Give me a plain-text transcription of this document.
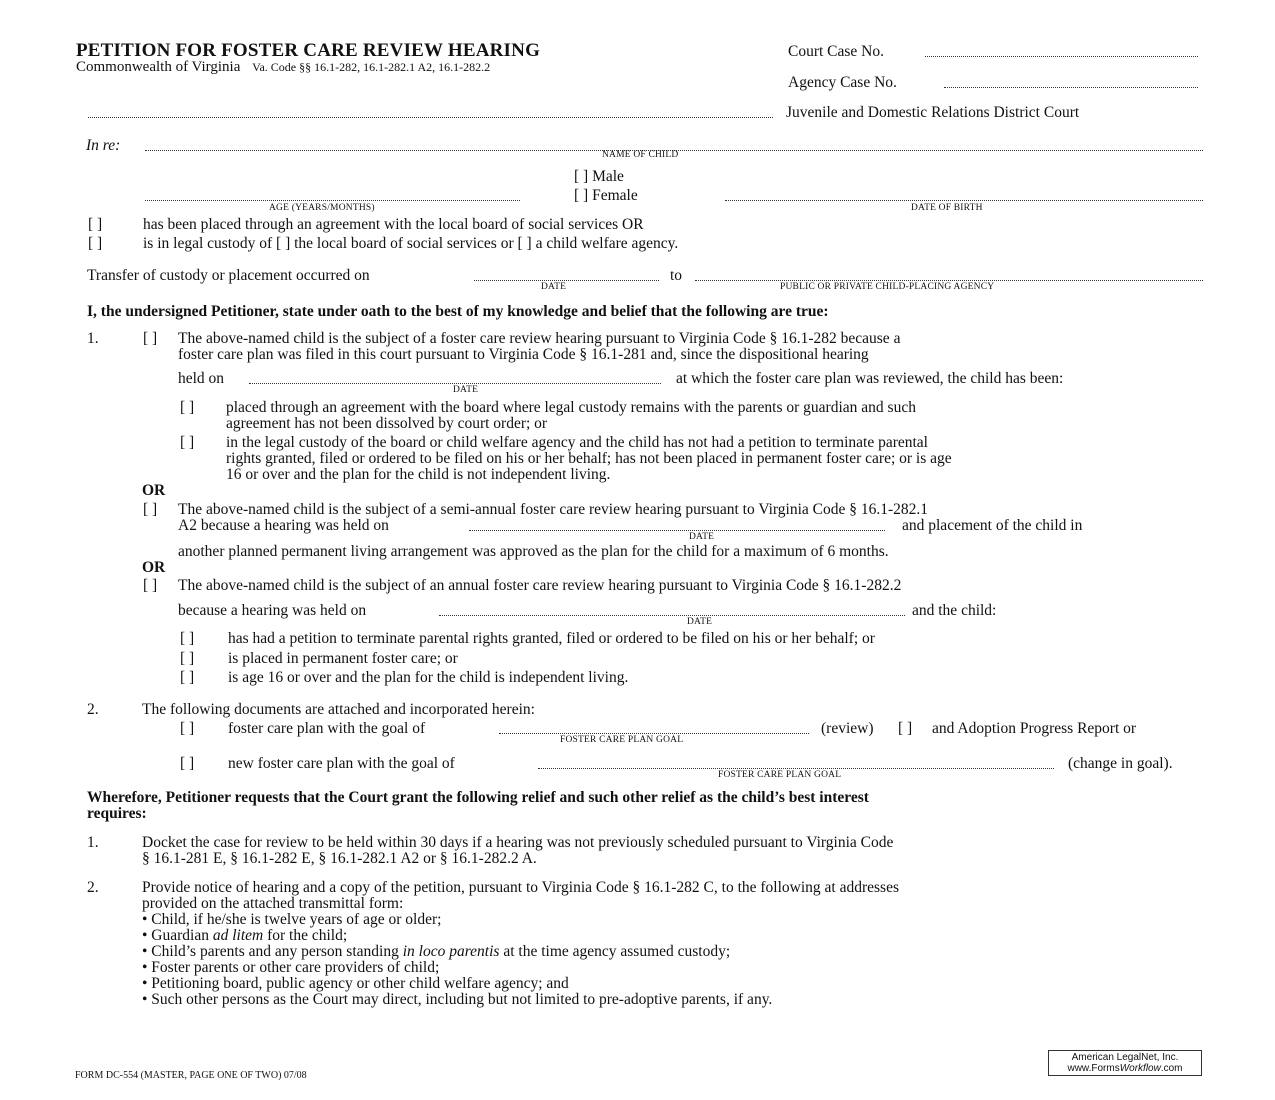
PETITION FOR FOSTER CARE REVIEW HEARING
Commonwealth of Virginia Va. Code §§ 16.1-282, 16.1-282.1 A2, 16.1-282.2
Court Case No.
Agency Case No.
Juvenile and Domestic Relations District Court
In re:
NAME OF CHILD
[ ] Male
[ ] Female
AGE (YEARS/MONTHS)	DATE OF BIRTH
[ ]	has been placed through an agreement with the local board of social services OR
[ ]	is in legal custody of [ ] the local board of social services or [ ] a child welfare agency.
Transfer of custody or placement occurred on
DATE
to
PUBLIC OR PRIVATE CHILD-PLACING AGENCY
I, the undersigned Petitioner, state under oath to the best of my knowledge and belief that the following are true:
1.	[ ] The above-named child is the subject of a foster care review hearing pursuant to Virginia Code § 16.1-282 because a
foster care plan was filed in this court pursuant to Virginia Code § 16.1-281 and, since the dispositional hearing
held on
DATE
at which the foster care plan was reviewed, the child has been:
[ ] placed through an agreement with the board where legal custody remains with the parents or guardian and such
agreement has not been dissolved by court order; or
[ ] in the legal custody of the board or child welfare agency and the child has not had a petition to terminate parental
rights granted, filed or ordered to be filed on his or her behalf; has not been placed in permanent foster care; or is age
16 or over and the plan for the child is not independent living.
OR
[ ] The above-named child is the subject of a semi-annual foster care review hearing pursuant to Virginia Code § 16.1-282.1
A2 because a hearing was held on
DATE
and placement of the child in
another planned permanent living arrangement was approved as the plan for the child for a maximum of 6 months.
OR
[ ] The above-named child is the subject of an annual foster care review hearing pursuant to Virginia Code § 16.1-282.2
because a hearing was held on
DATE
and the child:
[ ] has had a petition to terminate parental rights granted, filed or ordered to be filed on his or her behalf; or
[ ] is placed in permanent foster care; or
[ ] is age 16 or over and the plan for the child is independent living.
2.	The following documents are attached and incorporated herein:
[ ] foster care plan with the goal of
FOSTER CARE PLAN GOAL
(review) [ ] and Adoption Progress Report or
[ ] new foster care plan with the goal of
FOSTER CARE PLAN GOAL
(change in goal).
Wherefore, Petitioner requests that the Court grant the following relief and such other relief as the child’s best interest
requires:
1.	Docket the case for review to be held within 30 days if a hearing was not previously scheduled pursuant to Virginia Code
§ 16.1-281 E, § 16.1-282 E, § 16.1-282.1 A2 or § 16.1-282.2 A.
2.	Provide notice of hearing and a copy of the petition, pursuant to Virginia Code § 16.1-282 C, to the following at addresses
provided on the attached transmittal form:
• Child, if he/she is twelve years of age or older;
• Guardian ad litem for the child;
• Child’s parents and any person standing in loco parentis at the time agency assumed custody;
• Foster parents or other care providers of child;
• Petitioning board, public agency or other child welfare agency; and
• Such other persons as the Court may direct, including but not limited to pre-adoptive parents, if any.
FORM DC-554 (MASTER, PAGE ONE OF TWO) 07/08
American LegalNet, Inc.
www.FormsWorkflow.com
